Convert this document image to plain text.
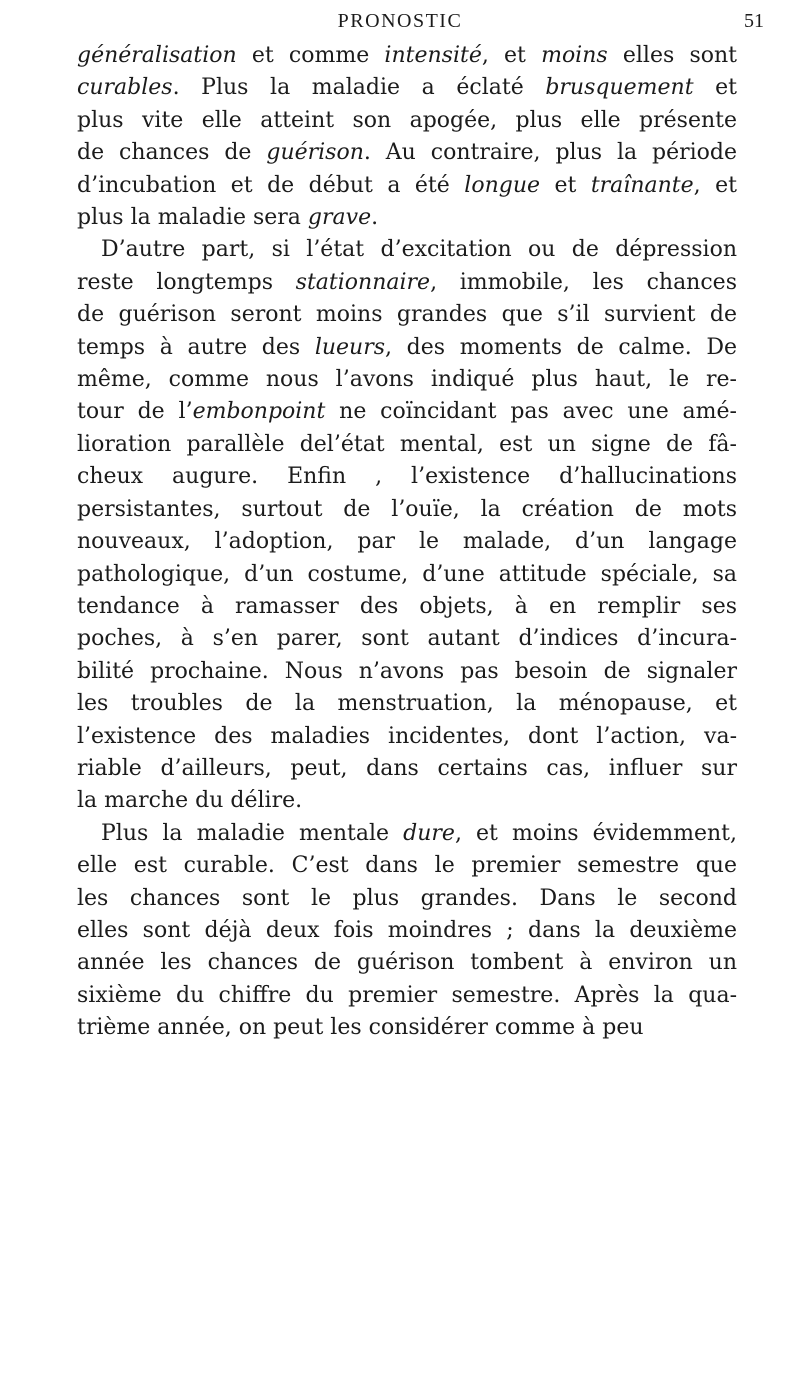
PRONOSTIC	51
généralisation et comme intensité, et moins elles sont
curables. Plus la maladie a éclaté brusquement et
plus vite elle atteint son apogée, plus elle présente
de chances de guérison. Au contraire, plus la période
d’incubation et de début a été longue et traînante, et
plus la maladie sera grave.
D’autre part, si l’état d’excitation ou de dépression
reste longtemps stationnaire, immobile, les chances
de guérison seront moins grandes que s’il survient de
temps à autre des lueurs, des moments de calme. De
même, comme nous l’avons indiqué plus haut, le re-
tour de l’embonpoint ne coïncidant pas avec une amé-
lioration parallèle del’état mental, est un signe de fâ-
cheux augure. Enfin , l’existence d’hallucinations
persistantes, surtout de l’ouïe, la création de mots
nouveaux, l’adoption, par le malade, d’un langage
pathologique, d’un costume, d’une attitude spéciale, sa
tendance à ramasser des objets, à en remplir ses
poches, à s’en parer, sont autant d’indices d’incura-
bilité prochaine. Nous n’avons pas besoin de signaler
les troubles de la menstruation, la ménopause, et
l’existence des maladies incidentes, dont l’action, va-
riable d’ailleurs, peut, dans certains cas, influer sur
la marche du délire.
Plus la maladie mentale dure, et moins évidemment,
elle est curable. C’est dans le premier semestre que
les chances sont le plus grandes. Dans le second
elles sont déjà deux fois moindres ; dans la deuxième
année les chances de guérison tombent à environ un
sixième du chiffre du premier semestre. Après la qua-
trième année, on peut les considérer comme à peu
